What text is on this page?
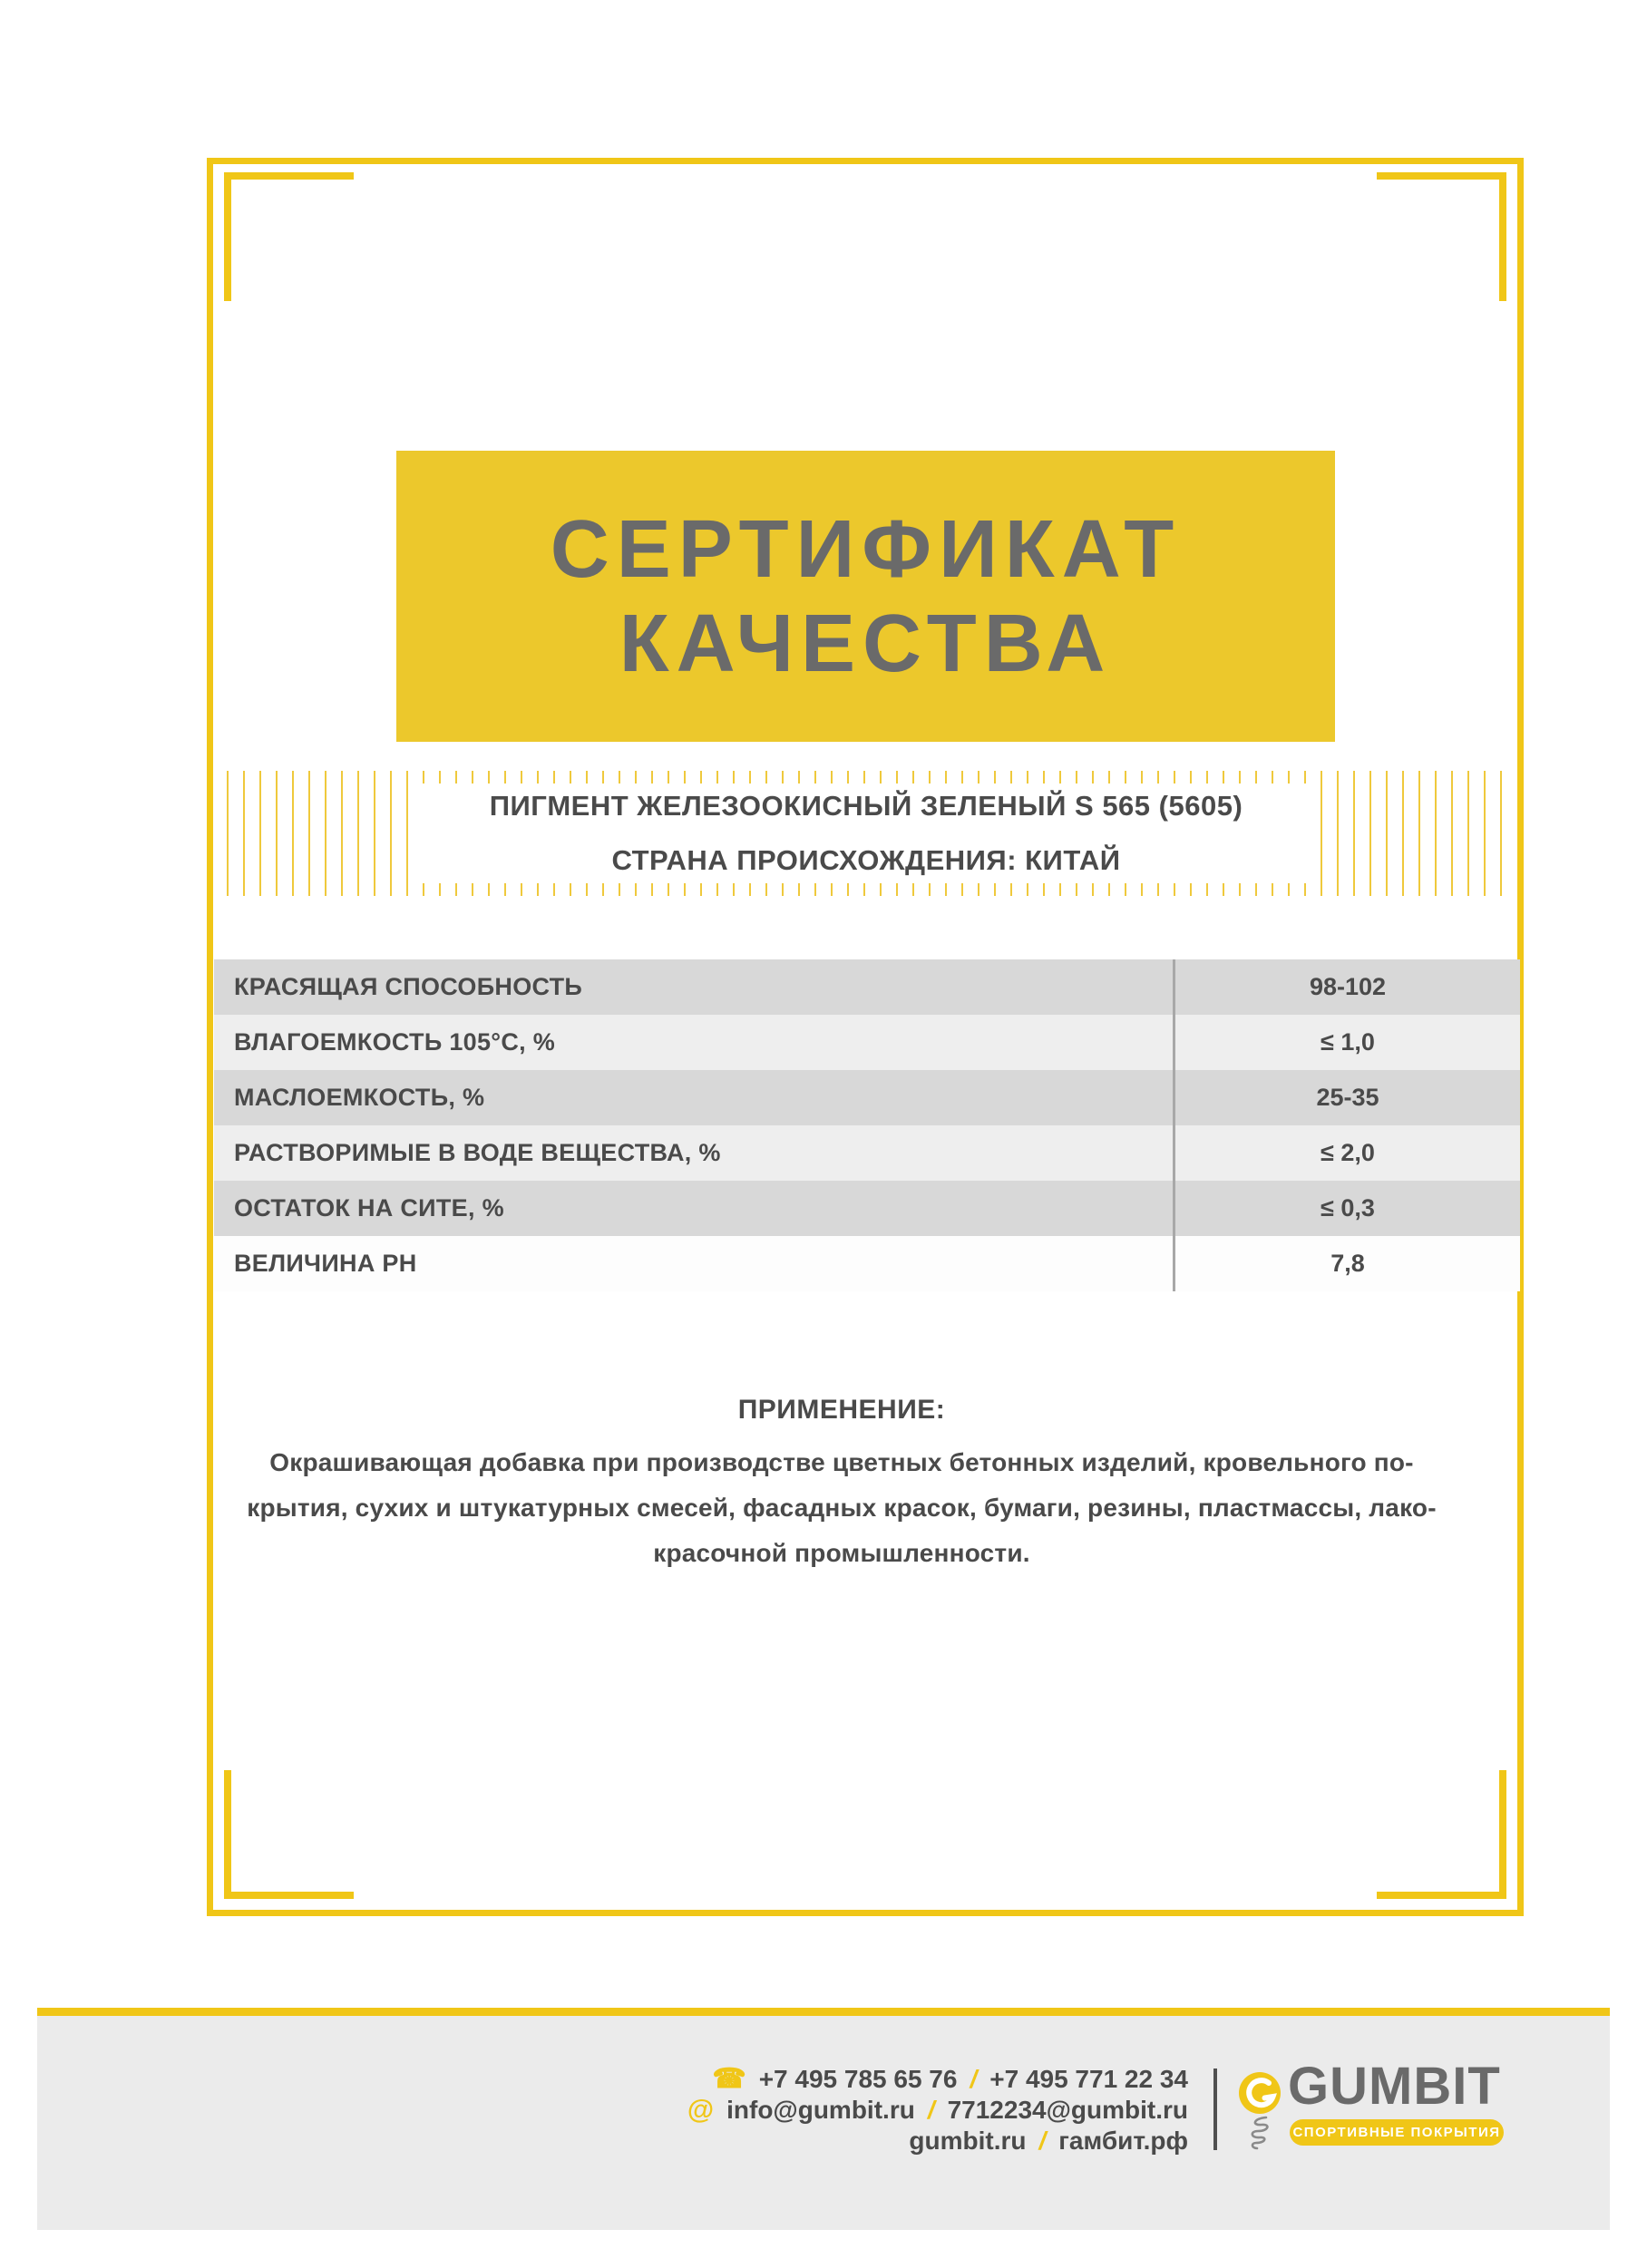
СЕРТИФИКАТ
КАЧЕСТВА
ПИГМЕНТ ЖЕЛЕЗООКИСНЫЙ ЗЕЛЕНЫЙ S 565 (5605)
СТРАНА ПРОИСХОЖДЕНИЯ: КИТАЙ
КРАСЯЩАЯ СПОСОБНОСТЬ	98-102
ВЛАГОЕМКОСТЬ 105°С, %	≤ 1,0
МАСЛОЕМКОСТЬ, %	25-35
РАСТВОРИМЫЕ В ВОДЕ ВЕЩЕСТВА, %	≤ 2,0
ОСТАТОК НА СИТЕ, %	≤ 0,3
ВЕЛИЧИНА PH	7,8
ПРИМЕНЕНИЕ:
Окрашивающая добавка при производстве цветных бетонных изделий, кровельного по-
крытия, сухих и штукатурных смесей, фасадных красок, бумаги, резины, пластмассы, лако-
красочной промышленности.
☎ +7 495 785 65 76 / +7 495 771 22 34
@ info@gumbit.ru / 7712234@gumbit.ru
gumbit.ru / гамбит.рф
GUMBIT
СПОРТИВНЫЕ ПОКРЫТИЯ
